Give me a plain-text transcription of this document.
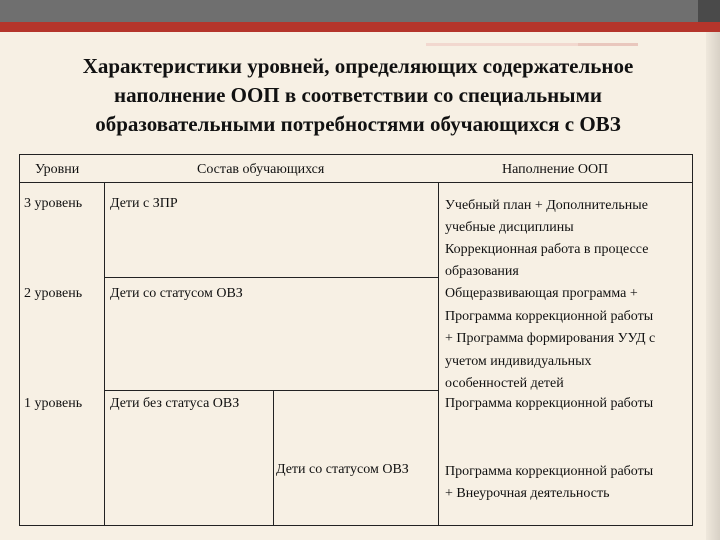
Характеристики уровней, определяющих содержательное
наполнение ООП в соответствии со специальными
образовательными потребностями обучающихся с ОВЗ
Уровни	Состав обучающихся	Наполнение ООП
3 уровень Дети с ЗПР	Учебный план + Дополнительные
учебные дисциплины
Коррекционная работа в процессе
образования
2 уровень Дети со статусом ОВЗ	Общеразвивающая программа +
Программа коррекционной работы
+ Программа формирования УУД с
учетом индивидуальных
особенностей детей
1 уровень Дети без статуса ОВЗ	Программа коррекционной работы
Дети со статусом ОВЗ	Программа коррекционной работы
+ Внеурочная деятельность
